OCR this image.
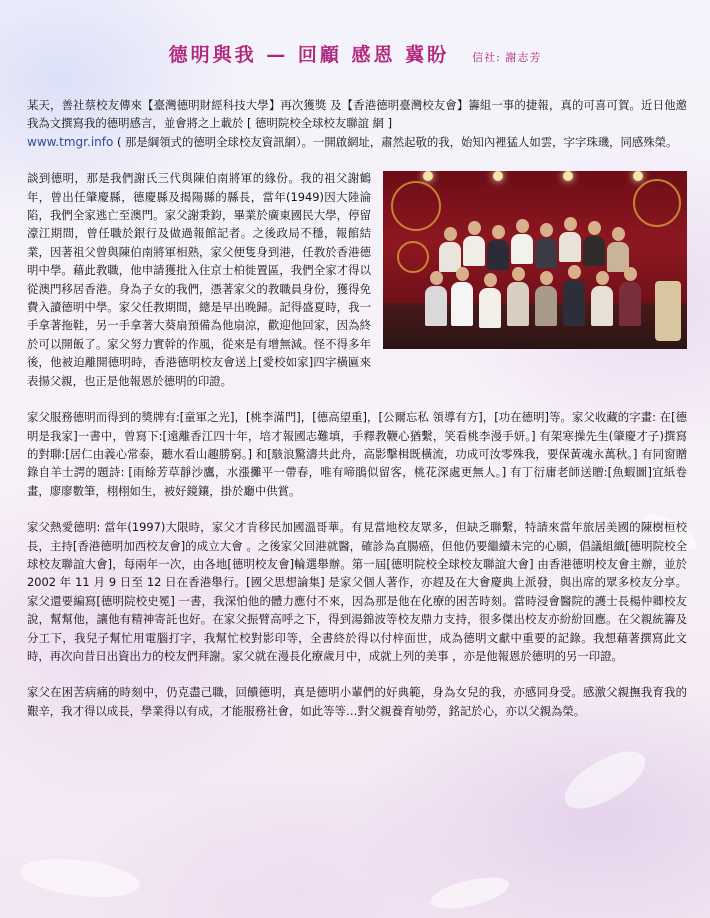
德明與我 — 回顧 感恩 冀盼 信社: 謝志芳

某天，善社蔡校友傳來【臺灣德明財經科技大學】再次獲獎 及【香港德明臺灣校友會】籌組一事的捷報，真的可喜可賀。近日他邀我為文撰寫我的德明感言，並會將之上載於 [ 德明院校全球校友聯誼 網 ]
www.tmgr.info ( 那是綱領式的德明全球校友資訊網）。一開啟網址，肅然起敬的我，始知內裡猛人如雲，字字珠璣，同感殊榮。

談到德明，那是我們謝氏三代與陳伯南將軍的緣份。我的祖父謝鶴年，曾出任肇慶縣，德慶縣及揭陽縣的縣長，當年(1949)因大陸淪陷，我們全家逃亡至澳門。家父謝秉鈞，畢業於廣東國民大學，停留濠江期間，曾任職於銀行及做過報館記者。之後政局不穩，報館結業，因著祖父曾與陳伯南將軍相熟，家父便隻身到港，任教於香港德明中學。藉此教職，他申請獲批入住京士柏徙置區，我們全家才得以從澳門移居香港。身為子女的我們，憑著家父的教職員身份，獲得免費入讀德明中學。家父任教期間，總是早出晚歸。記得盛夏時，我一手拿著拖鞋，另一手拿著大葵扇預備為他扇涼，歡迎他回家，因為終於可以開飯了。家父努力實幹的作風，從來是有增無減。怪不得多年後，他被迫離開德明時，香港德明校友會送上[愛校如家]四字橫匾來表揚父親，也正是他報恩於德明的印證。

家父服務德明而得到的獎牌有:[童軍之光]，[桃李滿門]，[德高望重]，[公爾忘私 領導有方]，[功在德明]等。家父收藏的字畫: 在[德明是我家]一書中，曾寫下:[遠離香江四十年，培才報國志難填，手釋教鞭心猶繫，笑看桃李漫手妍。] 有架寒操先生(肇慶才子)撰寫的對聯:[居仁由義心常泰，聽水看山趣勝窮。] 和[駭浪驚濤共此舟，高影擊楫既橫流，功成可汝零殊我，要保黃魂永萬秋。] 有同窗贈錄自羊士諤的題詩: [雨餘芳草靜沙鷹，水漲攤平一帶春，唯有啼鵑似留客，桃花深處更無人。] 有丁衍庸老師送贈:[魚蝦圖]宜紙卷畫，廖廖數筆，栩栩如生，被好鏡鑲，掛於廳中供賞。

家父熱愛德明: 當年(1997)大限時，家父才肯移民加國溫哥華。有見當地校友眾多，但缺乏聯繫，特請來當年旅居美國的陳樹桓校長，主持[香港德明加西校友會]的成立大會 。之後家父回港就醫，確診為直腸癌，但他仍要繼續未完的心願，倡議組織[德明院校全球校友聯誼大會]，每兩年一次，由各地[德明校友會]輪選舉辦。第一屆[德明院校全球校友聯誼大會] 由香港德明校友會主辦，並於 2002 年 11 月 9 日至 12 日在香港舉行。[國父思想論集] 是家父個人著作，亦趕及在大會慶典上派發，與出席的眾多校友分享。家父還要編寫[德明院校史冕] 一書，我深怕他的體力應付不來，因為那是他在化療的困苦時刻。當時浸會醫院的護士長楊仲卿校友說，幫幫他，讓他有精神寄託也好。在家父振臂高呼之下，得到湯錦波等校友鼎力支持，很多傑出校友亦紛紛回應。在父親統籌及分工下，我兒子幫忙用電腦打字，我幫忙校對影印等，全書終於得以付梓面世，成為德明文獻中重要的記錄。我想藉著撰寫此文時，再次向昔日出資出力的校友們拜謝。家父就在漫長化療歲月中，成就上列的美事 ，亦是他報恩於德明的另一印證。

家父在困苦病痛的時刻中，仍克盡己職，回饋德明，真是德明小輩們的好典範，身為女兒的我，亦感同身受。感激父親撫我育我的艱辛，我才得以成長，學業得以有成，才能服務社會，如此等等…對父親養育劬勞，銘記於心，亦以父親為榮。
